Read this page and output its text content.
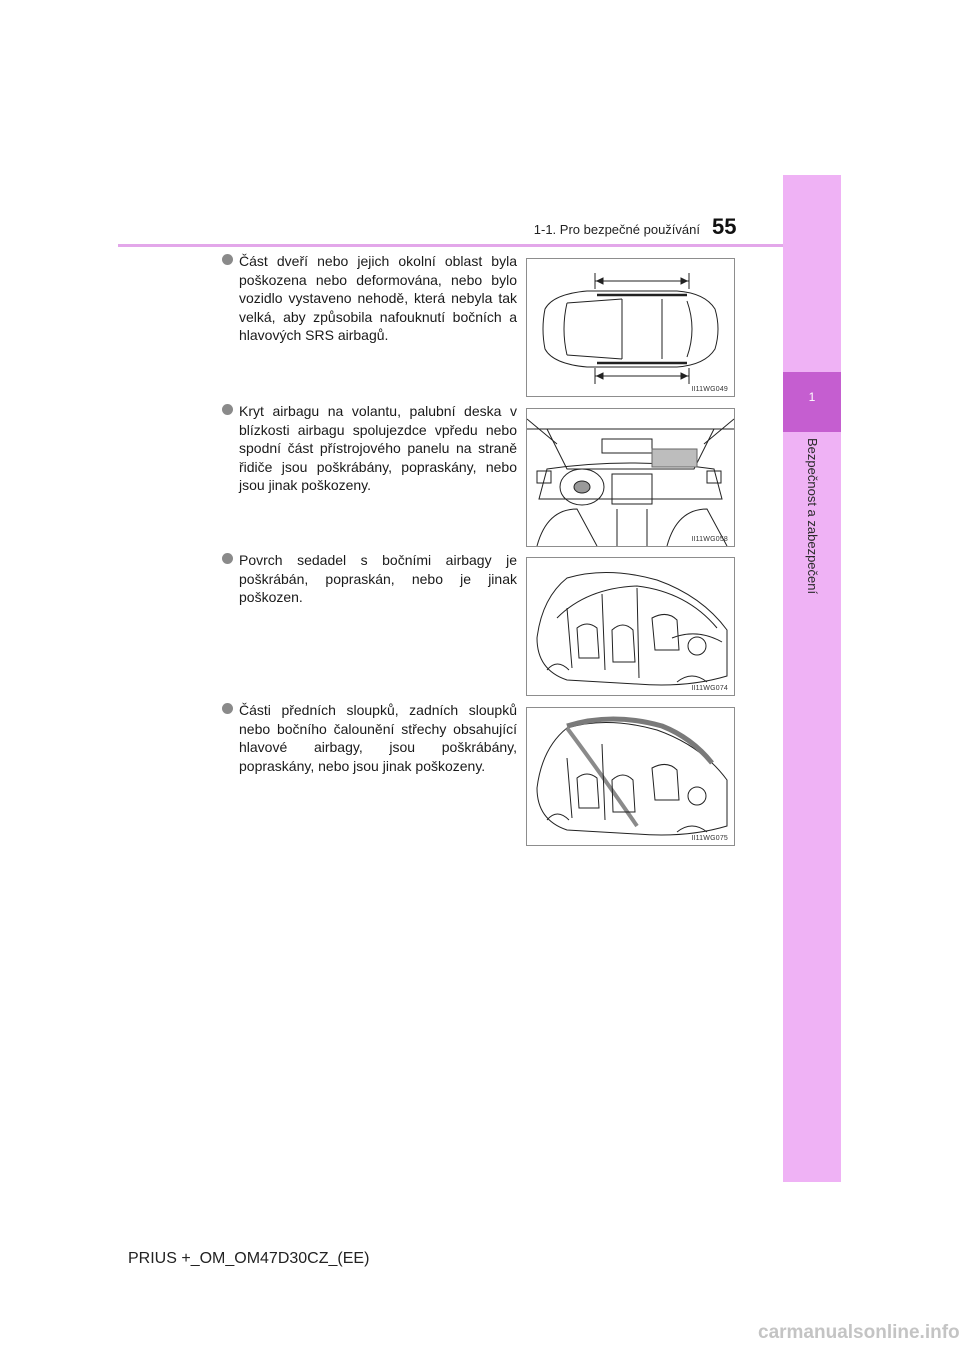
1-1. Pro bezpečné používání 55
1
Bezpečnost a zabezpečení
Část dveří nebo jejich okolní oblast byla poškozena nebo deformována, nebo bylo vozidlo vystaveno nehodě, která nebyla tak velká, aby způsobila nafouknutí bočních a hlavových SRS airbagů.
II11WG049
Kryt airbagu na volantu, palubní deska v blízkosti airbagu spolujezdce vpředu nebo spodní část přístrojového panelu na straně řidiče jsou poškrábány, popraskány, nebo jsou jinak poškozeny.
II11WG058
Povrch sedadel s bočními airbagy je poškrábán, popraskán, nebo je jinak poškozen.
II11WG074
Části předních sloupků, zadních sloupků nebo bočního čalounění střechy obsahující hlavové airbagy, jsou poškrábány, popraskány, nebo jsou jinak poškozeny.
II11WG075
PRIUS +_OM_OM47D30CZ_(EE)
carmanualsonline.info
